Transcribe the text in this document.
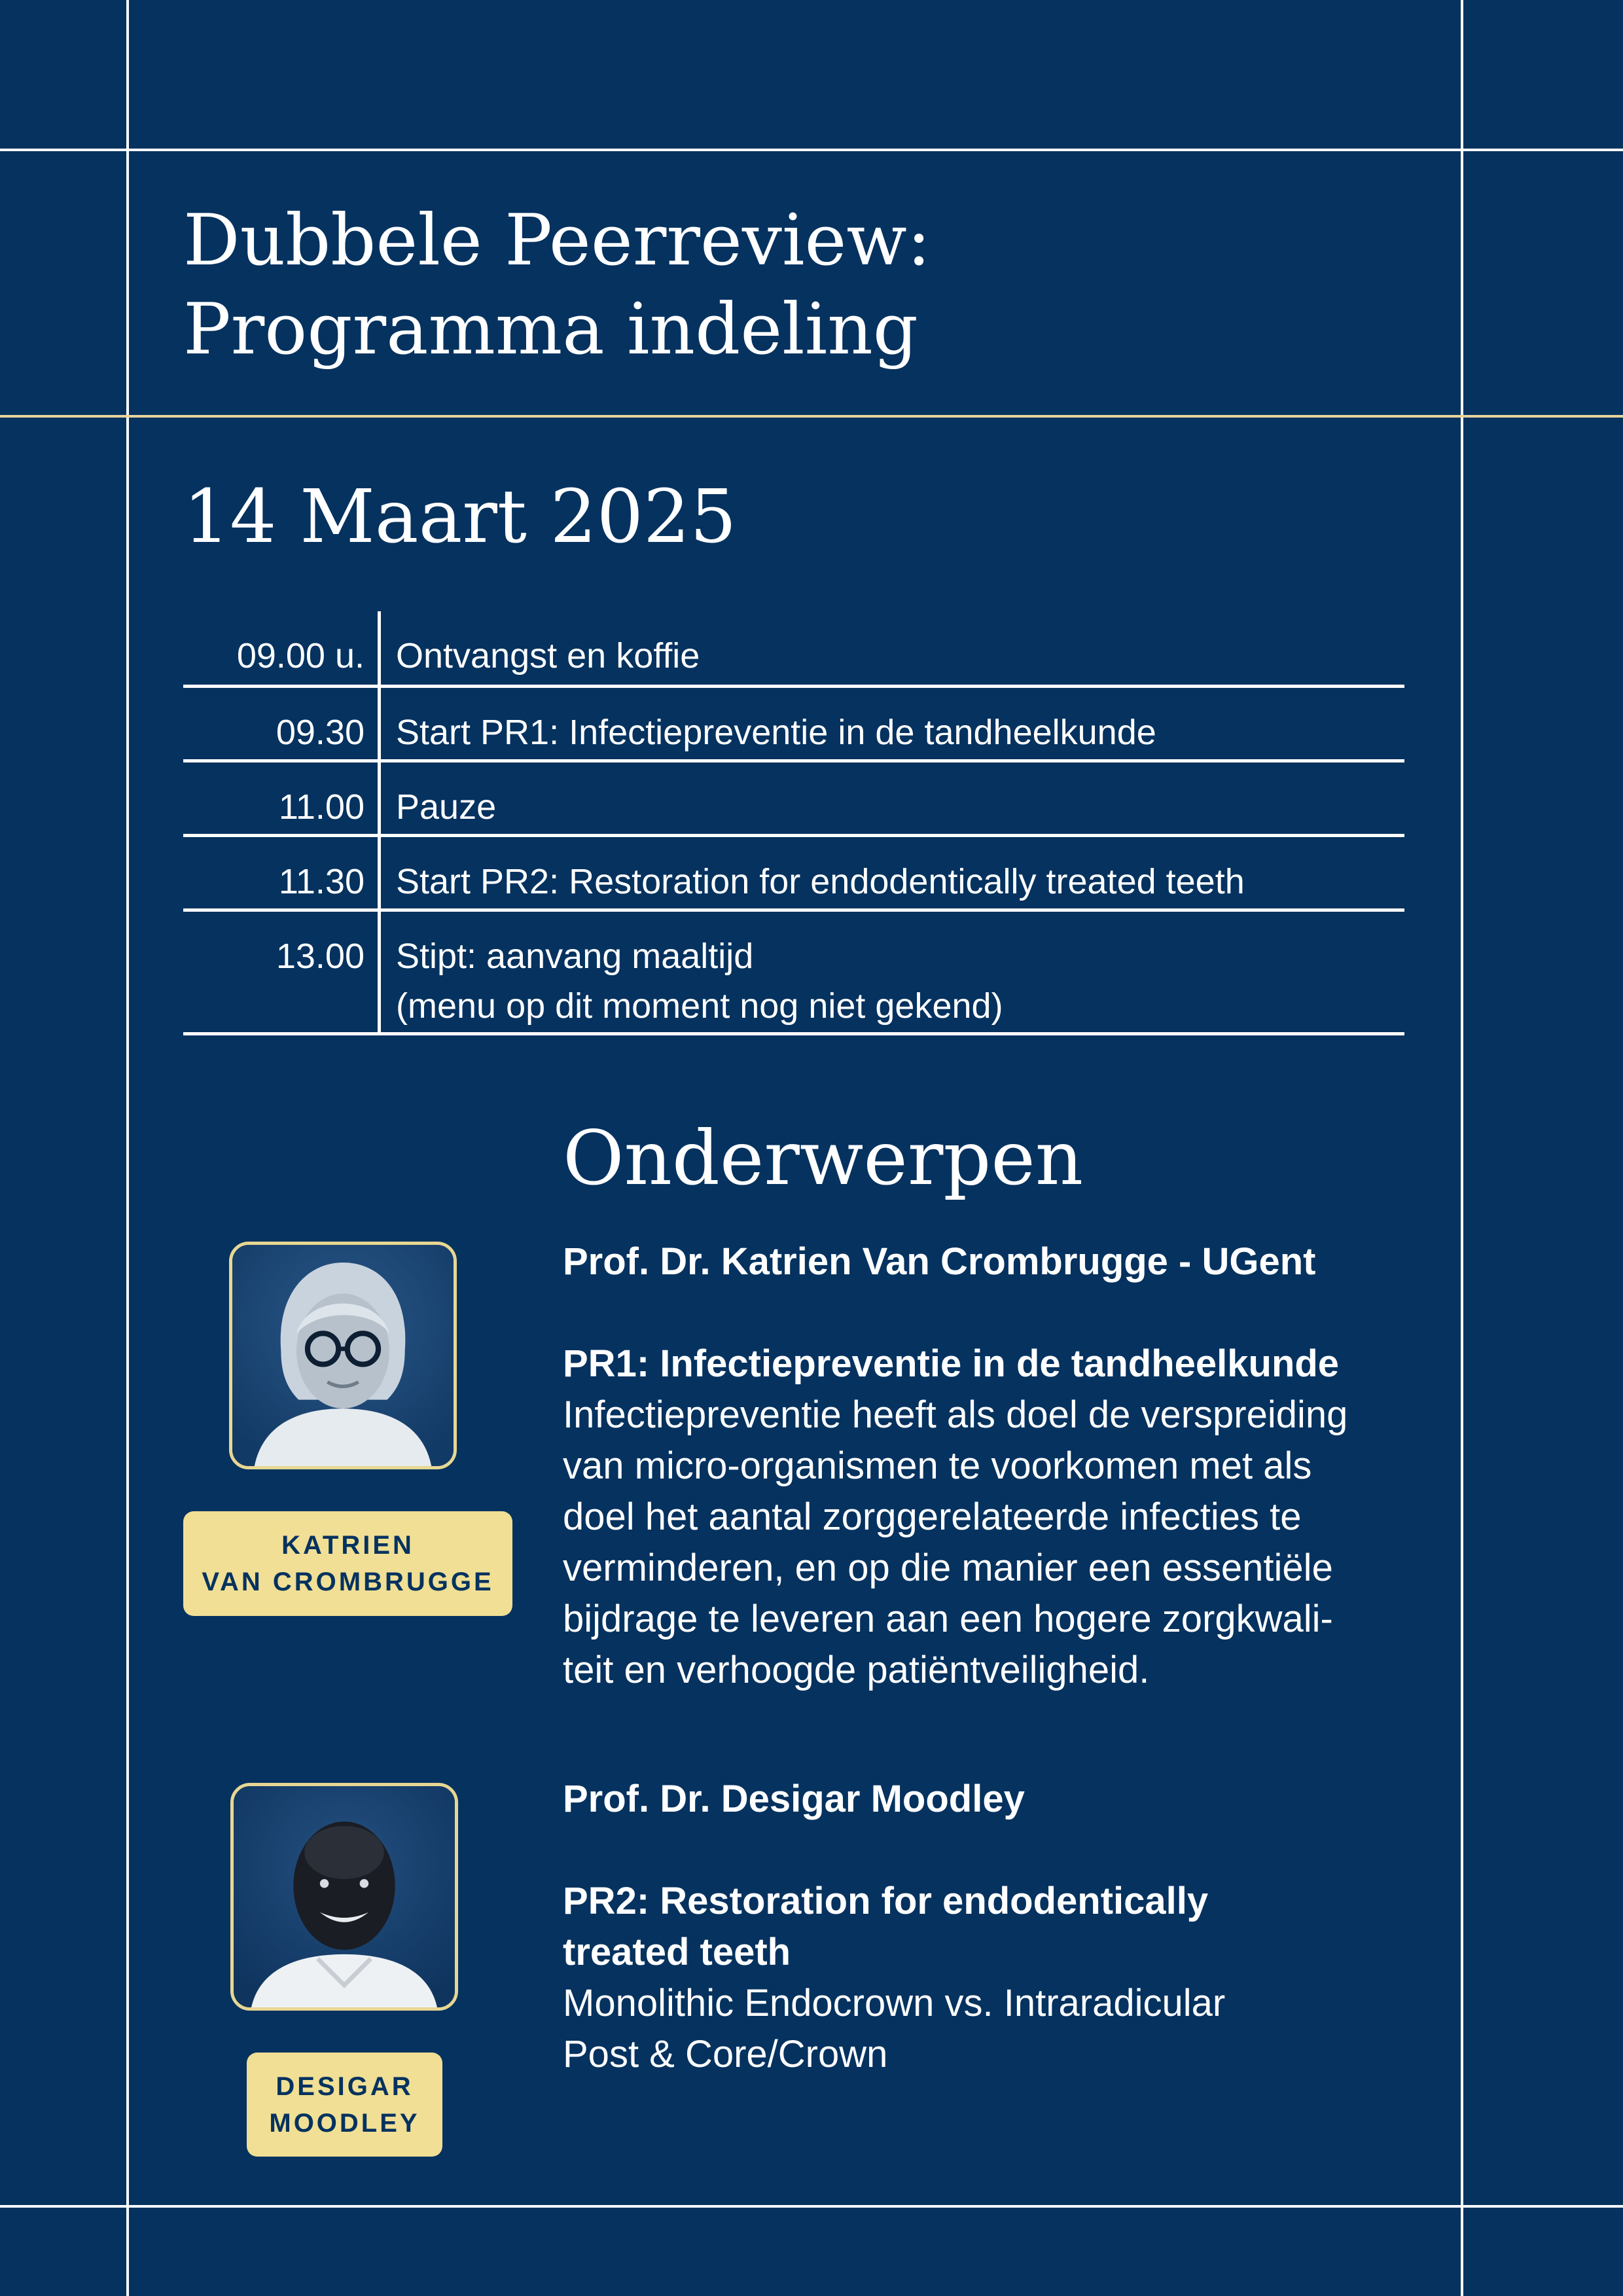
Dubbele Peerreview:
Programma indeling
14 Maart 2025
09.00 u. Ontvangst en koffie
09.30 Start PR1: Infectiepreventie in de tandheelkunde
11.00 Pauze
11.30 Start PR2: Restoration for endodentically treated teeth
13.00 Stipt: aanvang maaltijd
(menu op dit moment nog niet gekend)
Onderwerpen
KATRIEN
VAN CROMBRUGGE
Prof. Dr. Katrien Van Crombrugge - UGent
PR1: Infectiepreventie in de tandheelkunde
Infectiepreventie heeft als doel de verspreiding
van micro-organismen te voorkomen met als
doel het aantal zorggerelateerde infecties te
verminderen, en op die manier een essentiële
bijdrage te leveren aan een hogere zorgkwali-
teit en verhoogde patiëntveiligheid.
DESIGAR
MOODLEY
Prof. Dr. Desigar Moodley
PR2: Restoration for endodentically
treated teeth
Monolithic Endocrown vs. Intraradicular
Post & Core/Crown
